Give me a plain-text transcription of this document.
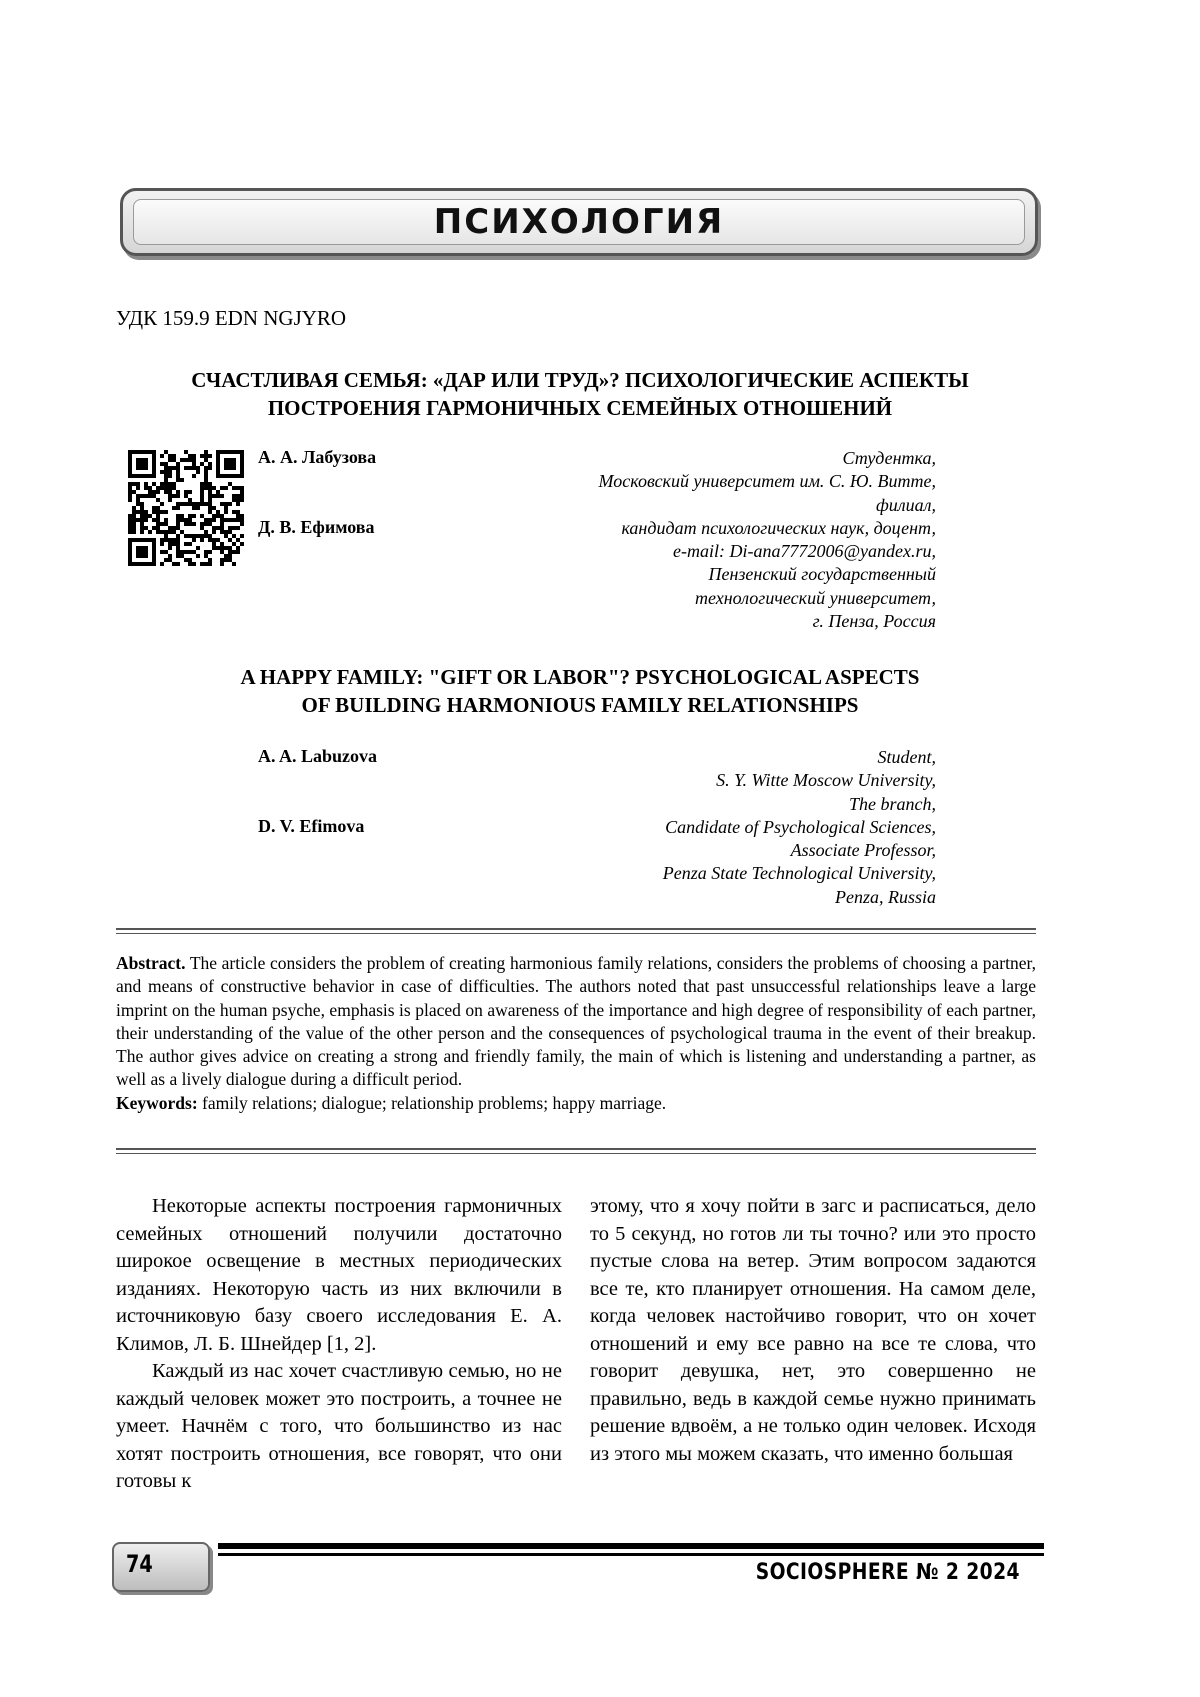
ПСИХОЛОГИЯ
УДК 159.9 EDN NGJYRO
СЧАСТЛИВАЯ СЕМЬЯ: «ДАР ИЛИ ТРУД»? ПСИХОЛОГИЧЕСКИЕ АСПЕКТЫ
ПОСТРОЕНИЯ ГАРМОНИЧНЫХ СЕМЕЙНЫХ ОТНОШЕНИЙ
А. А. Лабузова
Д. В. Ефимова
Студентка,
Московский университет им. С. Ю. Витте,
филиал,
кандидат психологических наук, доцент,
e-mail: Di-ana7772006@yandex.ru,
Пензенский государственный
технологический университет,
г. Пенза, Россия
A HAPPY FAMILY: "GIFT OR LABOR"? PSYCHOLOGICAL ASPECTS
OF BUILDING HARMONIOUS FAMILY RELATIONSHIPS
A. A. Labuzova
D. V. Efimova
Student,
S. Y. Witte Moscow University,
The branch,
Candidate of Psychological Sciences,
Associate Professor,
Penza State Technological University,
Penza, Russia
Abstract. The article considers the problem of creating harmonious family relations, considers the problems of choosing a partner, and means of constructive behavior in case of difficulties. The authors noted that past unsuccessful relationships leave a large imprint on the human psyche, emphasis is placed on awareness of the importance and high degree of responsibility of each partner, their understanding of the value of the other person and the consequences of psychological trauma in the event of their breakup. The author gives advice on creating a strong and friendly family, the main of which is listening and understanding a partner, as well as a lively dialogue during a difficult period.
Keywords: family relations; dialogue; relationship problems; happy marriage.

Некоторые аспекты построения гармоничных семейных отношений получили достаточно широкое освещение в местных периодических изданиях. Некоторую часть из них включили в источниковую базу своего исследования Е. А. Климов, Л. Б. Шнейдер [1, 2].

Каждый из нас хочет счастливую семью, но не каждый человек может это построить, а точнее не умеет. Начнём с того, что большинство из нас хотят построить отношения, все говорят, что они готовы к

этому, что я хочу пойти в загс и расписаться, дело то 5 секунд, но готов ли ты точно? или это просто пустые слова на ветер. Этим вопросом задаются все те, кто планирует отношения. На самом деле, когда человек настойчиво говорит, что он хочет отношений и ему все равно на все те слова, что говорит девушка, нет, это совершенно не правильно, ведь в каждой семье нужно принимать решение вдвоём, а не только один человек. Исходя из этого мы можем сказать, что именно большая

74	SOCIOSPHERE № 2 2024
